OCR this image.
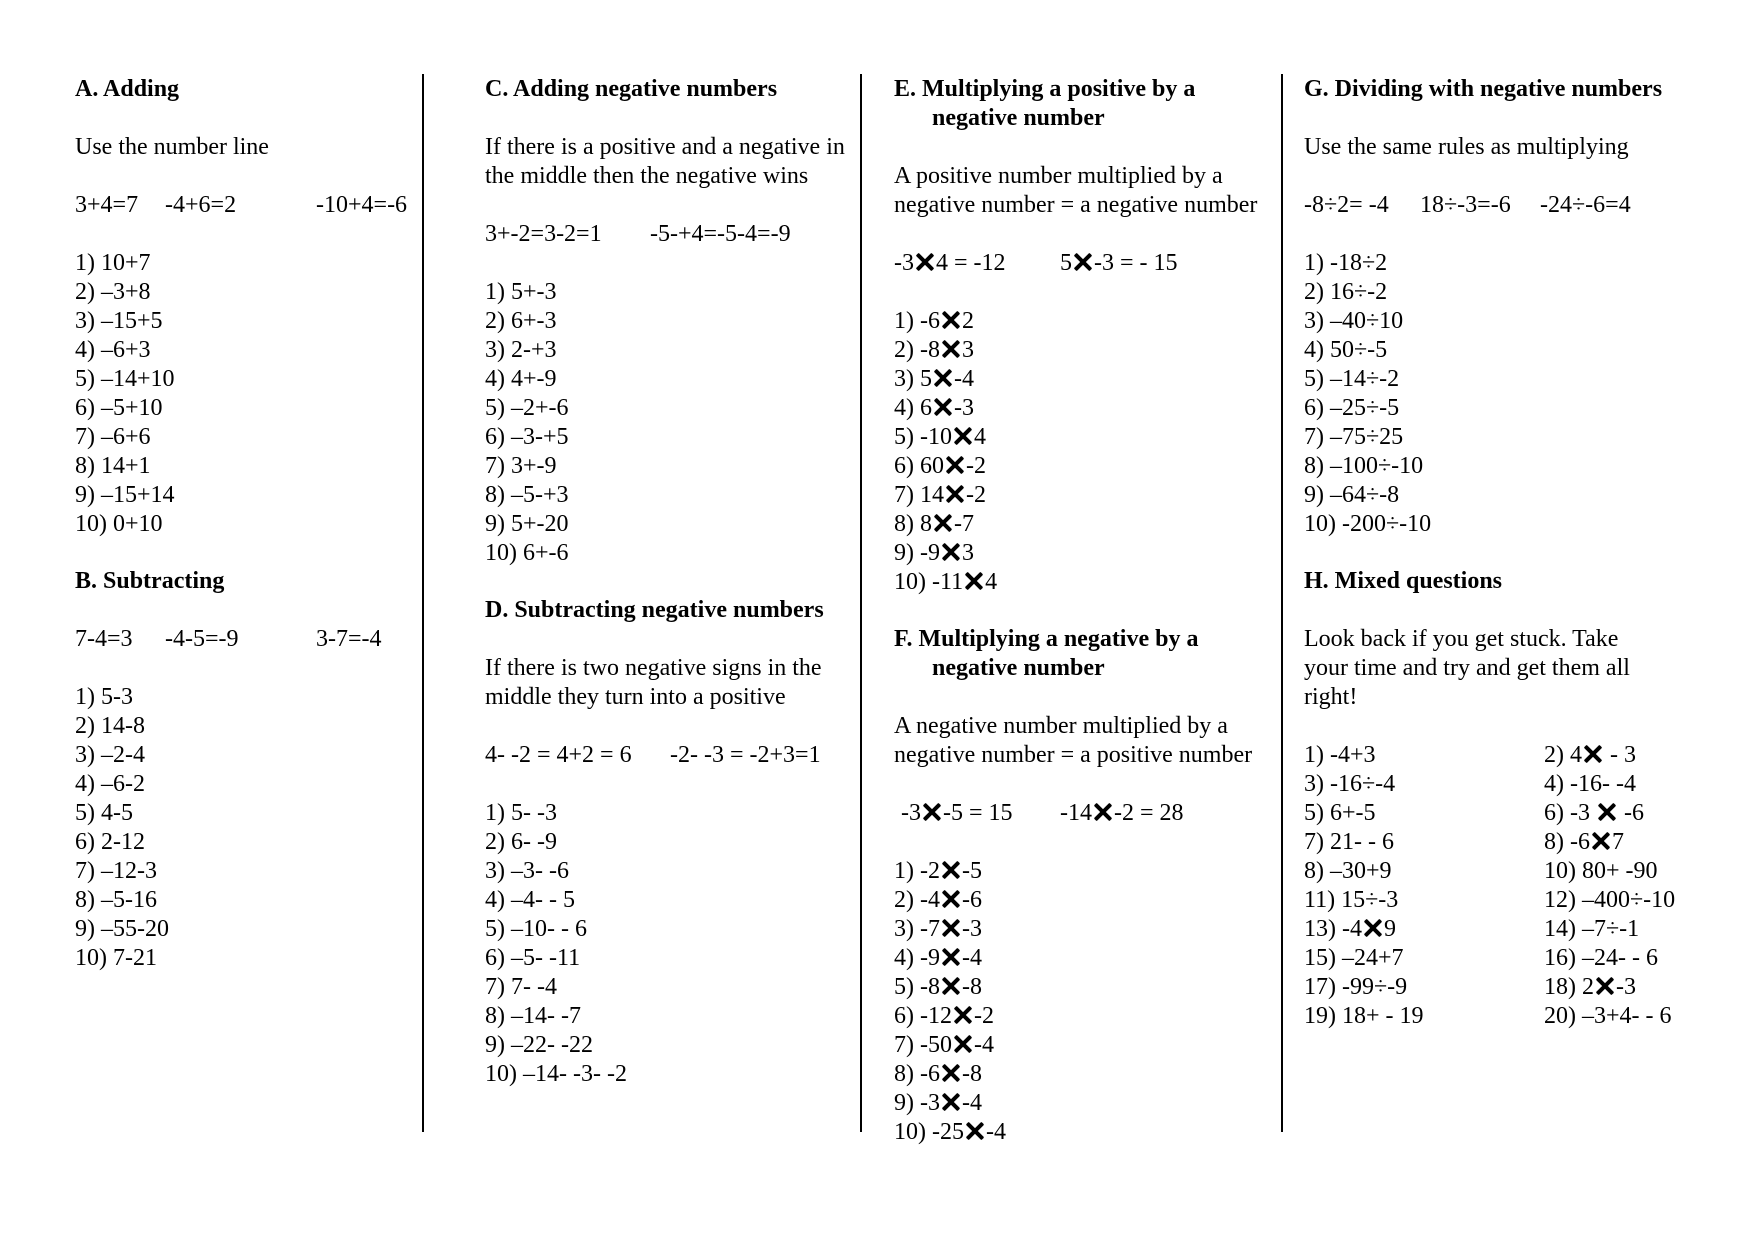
A. Adding
Use the number line
3+4=7 -4+6=2	-10+4=-6
1) 10+7
2) –3+8
3) –15+5
4) –6+3
5) –14+10
6) –5+10
7) –6+6
8) 14+1
9) –15+14
10) 0+10
B. Subtracting
7-4=3 -4-5=-9	3-7=-4
1) 5-3
2) 14-8
3) –2-4
4) –6-2
5) 4-5
6) 2-12
7) –12-3
8) –5-16
9) –55-20
10) 7-21
C. Adding negative numbers
If there is a positive and a negative in
the middle then the negative wins
3+-2=3-2=1 -5-+4=-5-4=-9
1) 5+-3
2) 6+-3
3) 2-+3
4) 4+-9
5) –2+-6
6) –3-+5
7) 3+-9
8) –5-+3
9) 5+-20
10) 6+-6
D. Subtracting negative numbers
If there is two negative signs in the
middle they turn into a positive
4- -2 = 4+2 = 6 -2- -3 = -2+3=1
1) 5- -3
2) 6- -9
3) –3- -6
4) –4- - 5
5) –10- - 6
6) –5- -11
7) 7- -4
8) –14- -7
9) –22- -22
10) –14- -3- -2
E. Multiplying a positive by a
negative number
A positive number multiplied by a
negative number = a negative number
-3 4 = -12 5 -3 = - 15
1) -6 2
2) -8 3
3) 5 -4
4) 6 -3
5) -10 4
6) 60 -2
7) 14 -2
8) 8 -7
9) -9 3
10) -11 4
F. Multiplying a negative by a
negative number
A negative number multiplied by a
negative number = a positive number
-3 -5 = 15 -14 -2 = 28
1) -2 -5
2) -4 -6
3) -7 -3
4) -9 -4
5) -8 -8
6) -12 -2
7) -50 -4
8) -6 -8
9) -3 -4
10) -25 -4
G. Dividing with negative numbers
Use the same rules as multiplying
-8÷2= -4 18÷-3=-6 -24÷-6=4
1) -18÷2
2) 16÷-2
3) –40÷10
4) 50÷-5
5) –14÷-2
6) –25÷-5
7) –75÷25
8) –100÷-10
9) –64÷-8
10) -200÷-10
H. Mixed questions
Look back if you get stuck. Take
your time and try and get them all
right!
1) -4+3
3) -16÷-4
5) 6+-5
7) 21- - 6
8) –30+9
11) 15÷-3
13) -4 9
15) –24+7
17) -99÷-9
19) 18+ - 19
2) 4 - 3
4) -16- -4
6) -3  -6
8) -6 7
10) 80+ -90
12) –400÷-10
14) –7÷-1
16) –24- - 6
18) 2 -3
20) –3+4- - 6
